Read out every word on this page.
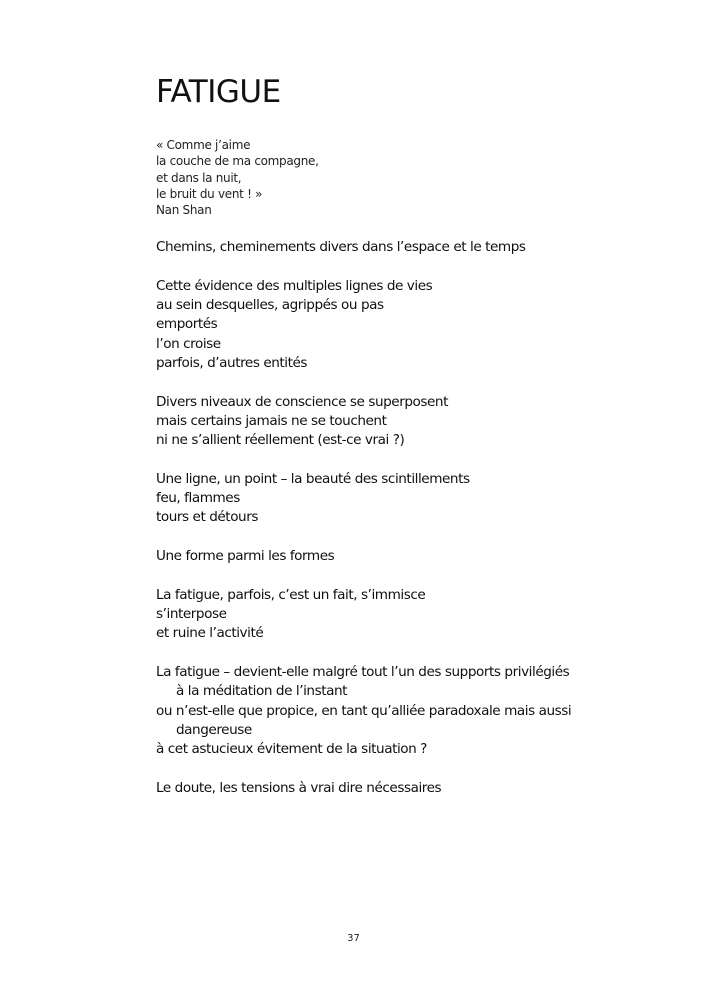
FATIGUE
« Comme j’aime
la couche de ma compagne,
et dans la nuit,
le bruit du vent ! »
Nan Shan
Chemins, cheminements divers dans l’espace et le temps
Cette évidence des multiples lignes de vies
au sein desquelles, agrippés ou pas
emportés
l’on croise
parfois, d’autres entités
Divers niveaux de conscience se superposent
mais certains jamais ne se touchent
ni ne s’allient réellement (est-ce vrai ?)
Une ligne, un point – la beauté des scintillements
feu, flammes
tours et détours
Une forme parmi les formes
La fatigue, parfois, c’est un fait, s’immisce
s’interpose
et ruine l’activité
La fatigue – devient-elle malgré tout l’un des supports privilégiés
à la méditation de l’instant
ou n’est-elle que propice, en tant qu’alliée paradoxale mais aussi
dangereuse
à cet astucieux évitement de la situation ?
Le doute, les tensions à vrai dire nécessaires
37
